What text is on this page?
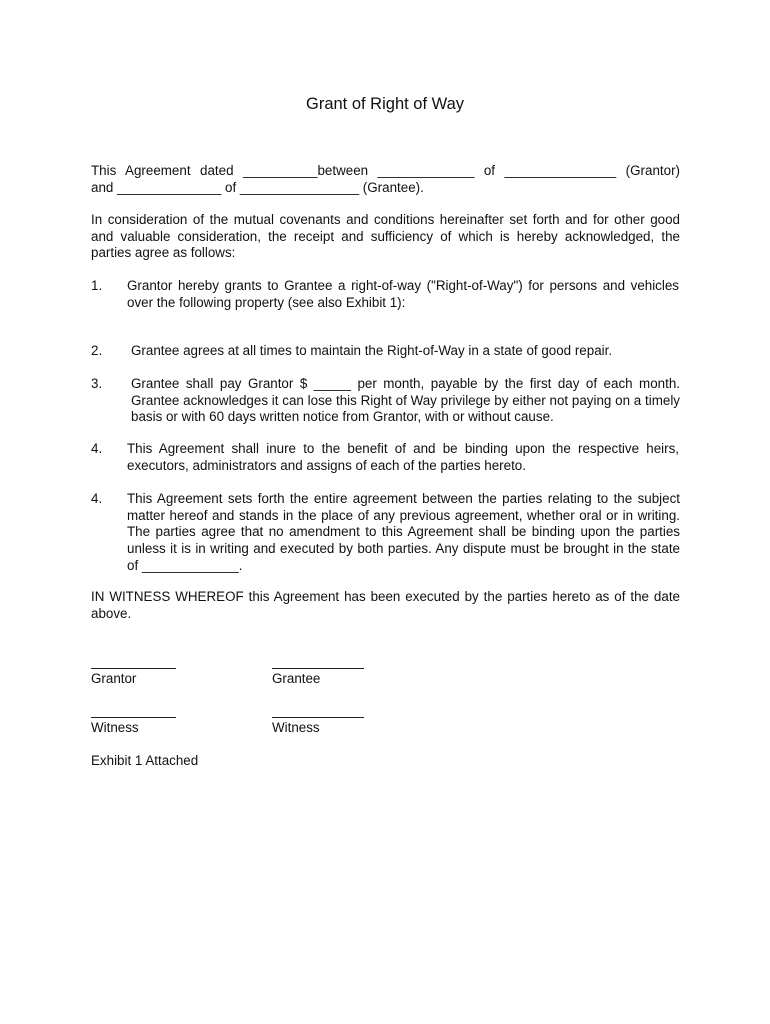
Grant of Right of Way
This Agreement dated __________between _____________ of _______________ (Grantor)
and ______________ of ________________ (Grantee).
In consideration of the mutual covenants and conditions hereinafter set forth and for other good and valuable consideration, the receipt and sufficiency of which is hereby acknowledged, the parties agree as follows:
1. Grantor hereby grants to Grantee a right-of-way ("Right-of-Way") for persons and vehicles over the following property (see also Exhibit 1):
2. Grantee agrees at all times to maintain the Right-of-Way in a state of good repair.
3. Grantee shall pay Grantor $ _____ per month, payable by the first day of each month. Grantee acknowledges it can lose this Right of Way privilege by either not paying on a timely basis or with 60 days written notice from Grantor, with or without cause.
4. This Agreement shall inure to the benefit of and be binding upon the respective heirs, executors, administrators and assigns of each of the parties hereto.
4. This Agreement sets forth the entire agreement between the parties relating to the subject matter hereof and stands in the place of any previous agreement, whether oral or in writing. The parties agree that no amendment to this Agreement shall be binding upon the parties unless it is in writing and executed by both parties. Any dispute must be brought in the state of _____________.
IN WITNESS WHEREOF this Agreement has been executed by the parties hereto as of the date above.
Grantor	Grantee
Witness	Witness
Exhibit 1 Attached
